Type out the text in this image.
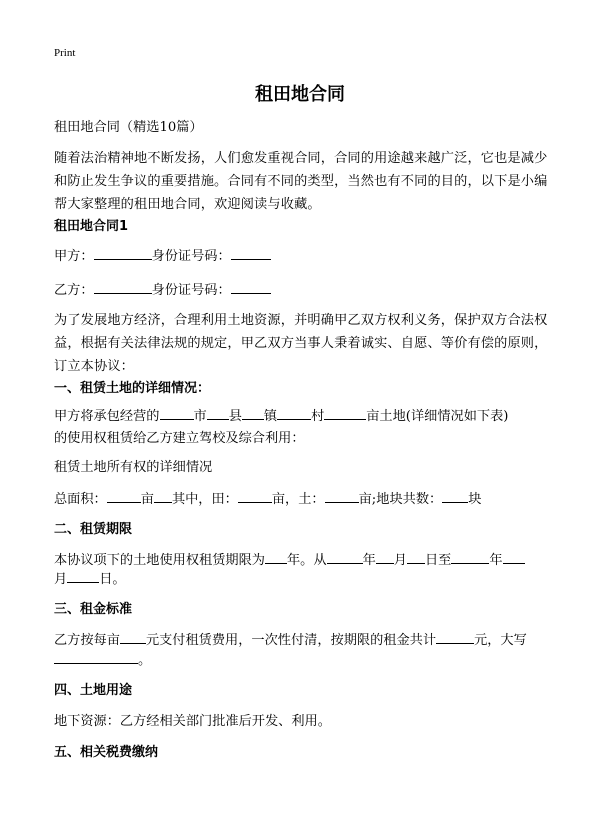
Print
租田地合同
租田地合同（精选10篇）
随着法治精神地不断发扬，人们愈发重视合同，合同的用途越来越广泛，它也是减少和防止发生争议的重要措施。合同有不同的类型，当然也有不同的目的，以下是小编帮大家整理的租田地合同，欢迎阅读与收藏。
租田地合同1
甲方：	身份证号码：
乙方：	身份证号码：
为了发展地方经济，合理利用土地资源，并明确甲乙双方权利义务，保护双方合法权益，根据有关法律法规的规定，甲乙双方当事人秉着诚实、自愿、等价有偿的原则，订立本协议：
一、租赁土地的详细情况：
甲方将承包经营的	市 县 镇	村	亩土地(详细情况如下表)
的使用权租赁给乙方建立驾校及综合利用：
租赁土地所有权的详细情况
总面积：	亩 其中，田：	亩，土：	亩;地块共数： 块
二、租赁期限
本协议项下的土地使用权租赁期限为 年。从	年 月 日至	年
月 日。
三、租金标准
乙方按每亩 元支付租赁费用，一次性付清，按期限的租金共计	元，大写
。
四、土地用途
地下资源：乙方经相关部门批准后开发、利用。
五、相关税费缴纳
